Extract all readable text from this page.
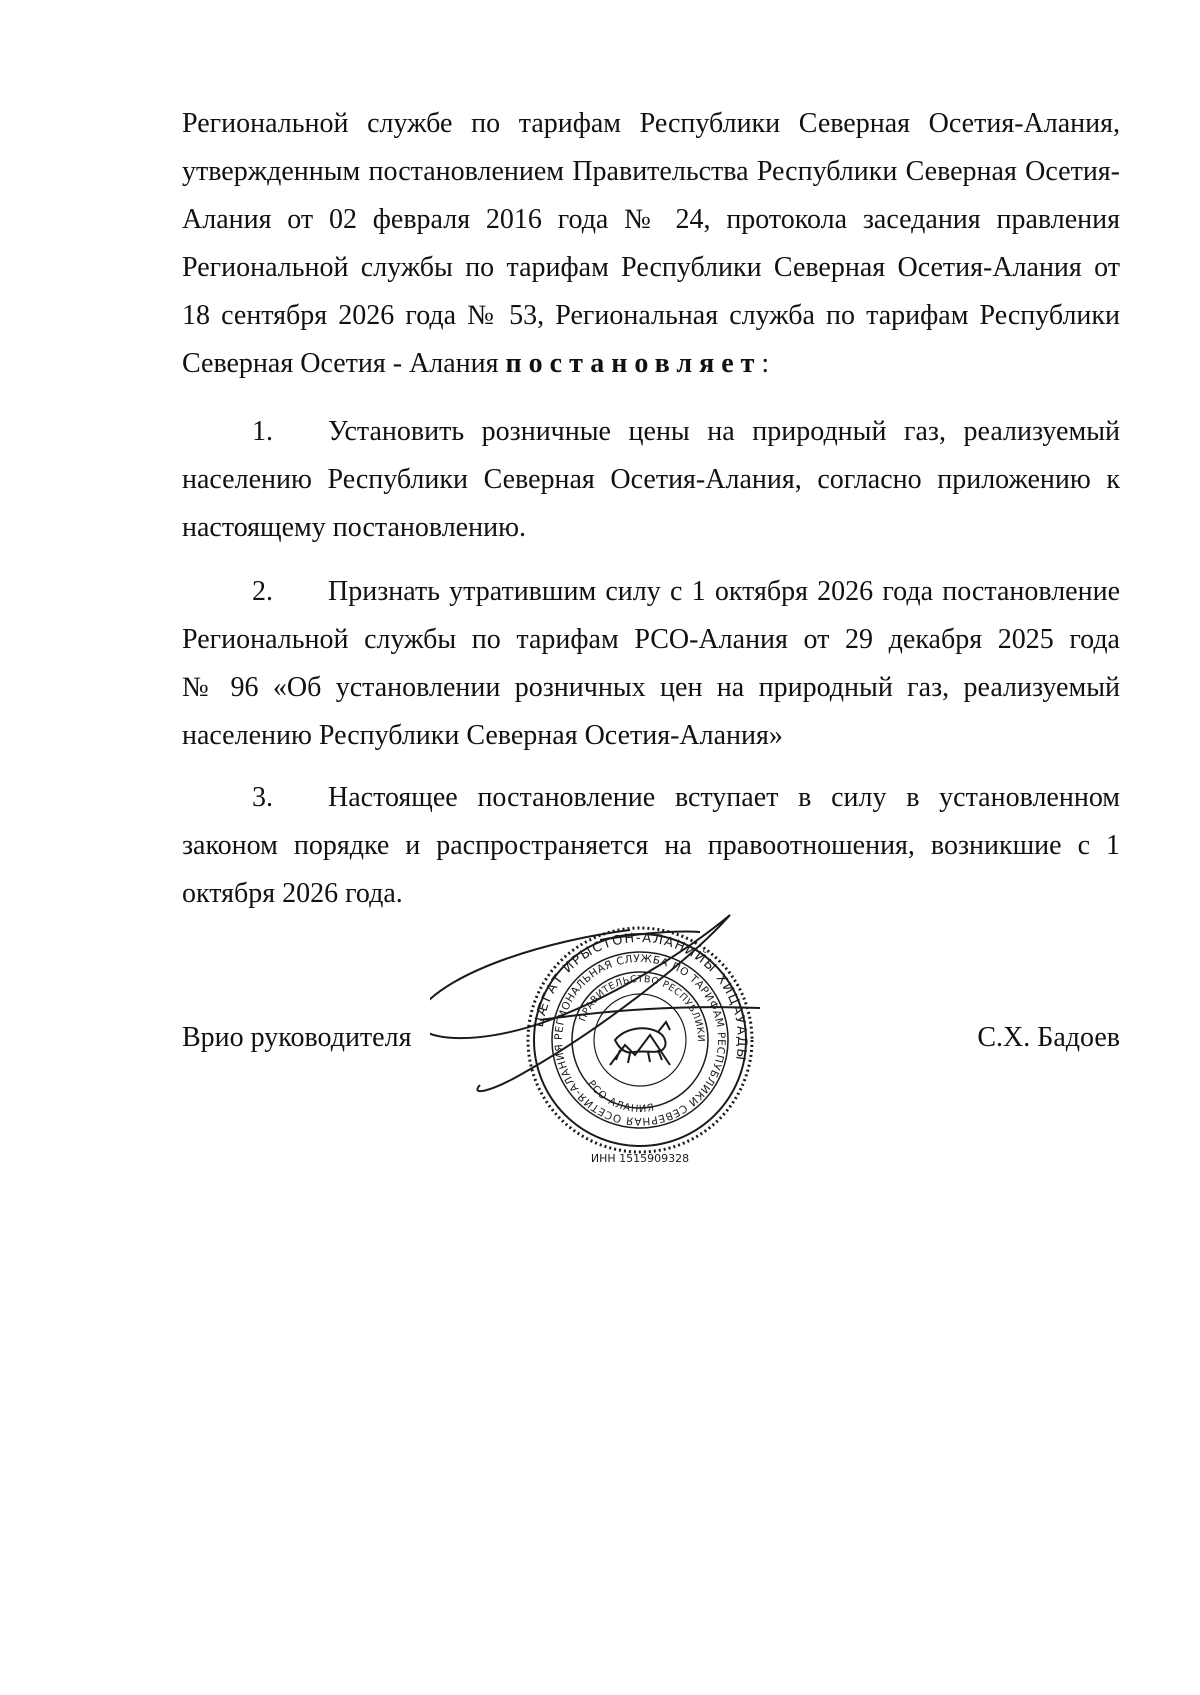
Региональной службе по тарифам Республики Северная Осетия-Алания,
утвержденным постановлением Правительства Республики Северная Осетия-
Алания от 02 февраля 2016 года № 24, протокола заседания правления
Региональной службы по тарифам Республики Северная Осетия-Алания от
18 сентября 2026 года № 53, Региональная служба по тарифам Республики
Северная Осетия - Алания постановляет:
1. Установить розничные цены на природный газ, реализуемый
населению Республики Северная Осетия-Алания, согласно приложению к
настоящему постановлению.
2. Признать утратившим силу с 1 октября 2026 года постановление
Региональной службы по тарифам РСО-Алания от 29 декабря 2025 года
№ 96 «Об установлении розничных цен на природный газ, реализуемый
населению Республики Северная Осетия-Алания»
3. Настоящее постановление вступает в силу в установленном
законом порядке и распространяется на правоотношения, возникшие с 1
октября 2026 года.
ЦÆГАТ ИРЫСТОН-АЛАНИЙЫ ХИЦАУАДЫ
РЕГИОНАЛЬНАЯ СЛУЖБА ПО ТАРИФАМ РЕСПУБЛИКИ СЕВЕРНАЯ ОСЕТИЯ-АЛАНИЯ
ПРАВИТЕЛЬСТВО РЕСПУБЛИКИ
РСО-АЛАНИЯ
ИНН 1515909328
Врио руководителя	С.Х. Бадоев
